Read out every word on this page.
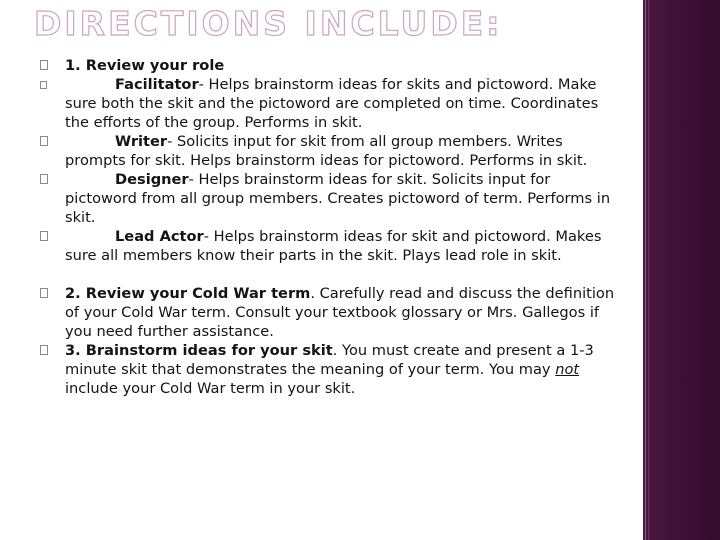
DIRECTIONS INCLUDE:
1. Review your role
Facilitator- Helps brainstorm ideas for skits and pictoword. Make sure both the skit and the pictoword are completed on time. Coordinates the efforts of the group. Performs in skit.
Writer- Solicits input for skit from all group members. Writes prompts for skit. Helps brainstorm ideas for pictoword. Performs in skit.
Designer- Helps brainstorm ideas for skit. Solicits input for pictoword from all group members. Creates pictoword of term. Performs in skit.
Lead Actor- Helps brainstorm ideas for skit and pictoword. Makes sure all members know their parts in the skit. Plays lead role in skit.
2. Review your Cold War term. Carefully read and discuss the definition of your Cold War term. Consult your textbook glossary or Mrs. Gallegos if you need further assistance.
3. Brainstorm ideas for your skit. You must create and present a 1-3 minute skit that demonstrates the meaning of your term. You may not include your Cold War term in your skit.
